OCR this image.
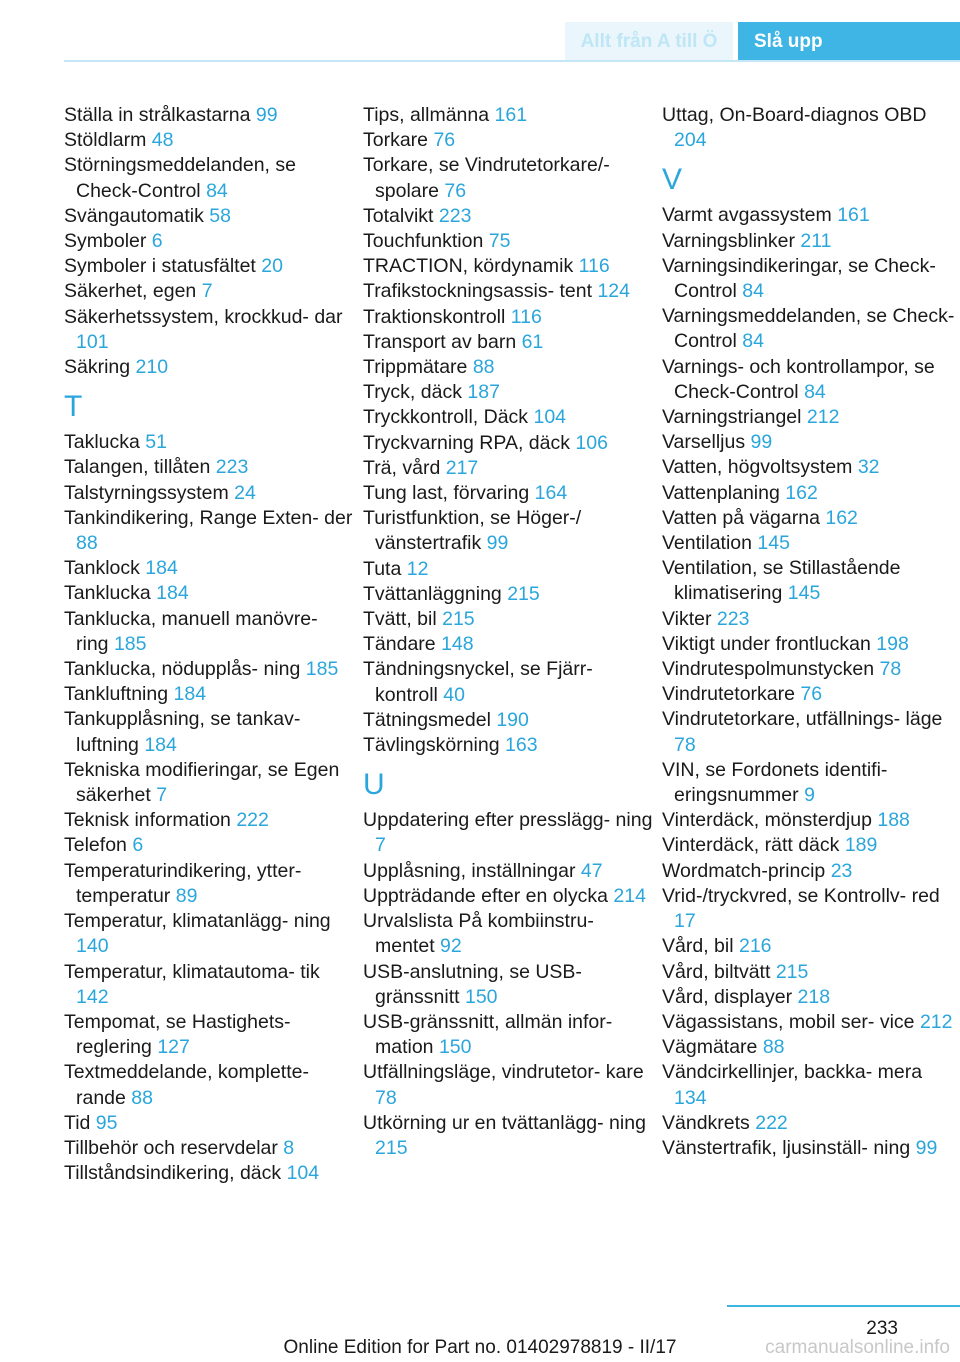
Allt från A till Ö	Slå upp
Ställa in strålkastarna 99
Stöldlarm 48
Störningsmeddelanden, se Check-Control 84
Svängautomatik 58
Symboler 6
Symboler i statusfältet 20
Säkerhet, egen 7
Säkerhetssystem, krockkud‐ dar 101
Säkring 210
T
Taklucka 51
Talangen, tillåten 223
Talstyrningssystem 24
Tankindikering, Range Exten‐ der 88
Tanklock 184
Tanklucka 184
Tanklucka, manuell manövre‐ ring 185
Tanklucka, nödupplås‐ ning 185
Tankluftning 184
Tankupplåsning, se tankav‐ luftning 184
Tekniska modifieringar, se Egen säkerhet 7
Teknisk information 222
Telefon 6
Temperaturindikering, ytter‐ temperatur 89
Temperatur, klimatanlägg‐ ning 140
Temperatur, klimatautoma‐ tik 142
Tempomat, se Hastighets‐ reglering 127
Textmeddelande, komplette‐ rande 88
Tid 95
Tillbehör och reservdelar 8
Tillståndsindikering, däck 104
Tips, allmänna 161
Torkare 76
Torkare, se Vindrutetorkare/- spolare 76
Totalvikt 223
Touchfunktion 75
TRACTION, kördynamik 116
Trafikstockningsassis‐ tent 124
Traktionskontroll 116
Transport av barn 61
Trippmätare 88
Tryck, däck 187
Tryckkontroll, Däck 104
Tryckvarning RPA, däck 106
Trä, vård 217
Tung last, förvaring 164
Turistfunktion, se Höger-/ vänstertrafik 99
Tuta 12
Tvättanläggning 215
Tvätt, bil 215
Tändare 148
Tändningsnyckel, se Fjärr‐ kontroll 40
Tätningsmedel 190
Tävlingskörning 163
U
Uppdatering efter presslägg‐ ning 7
Upplåsning, inställningar 47
Uppträdande efter en olycka 214
Urvalslista På kombiinstru‐ mentet 92
USB-anslutning, se USB- gränssnitt 150
USB-gränssnitt, allmän infor‐ mation 150
Utfällningsläge, vindrutetor‐ kare 78
Utkörning ur en tvättanlägg‐ ning 215
Uttag, On-Board-diagnos OBD 204
V
Varmt avgassystem 161
Varningsblinker 211
Varningsindikeringar, se Check-Control 84
Varningsmeddelanden, se Check-Control 84
Varnings- och kontrollampor, se Check-Control 84
Varningstriangel 212
Varselljus 99
Vatten, högvoltsystem 32
Vattenplaning 162
Vatten på vägarna 162
Ventilation 145
Ventilation, se Stillastående klimatisering 145
Vikter 223
Viktigt under frontluckan 198
Vindrutespolmunstycken 78
Vindrutetorkare 76
Vindrutetorkare, utfällnings‐ läge 78
VIN, se Fordonets identifi‐ eringsnummer 9
Vinterdäck, mönsterdjup 188
Vinterdäck, rätt däck 189
Wordmatch-princip 23
Vrid-/tryckvred, se Kontrollv‐ red 17
Vård, bil 216
Vård, biltvätt 215
Vård, displayer 218
Vägassistans, mobil ser‐ vice 212
Vägmätare 88
Vändcirkellinjer, backka‐ mera 134
Vändkrets 222
Vänstertrafik, ljusinställ‐ ning 99
233
Online Edition for Part no. 01402978819 - II/17	carmanualsonline.info
